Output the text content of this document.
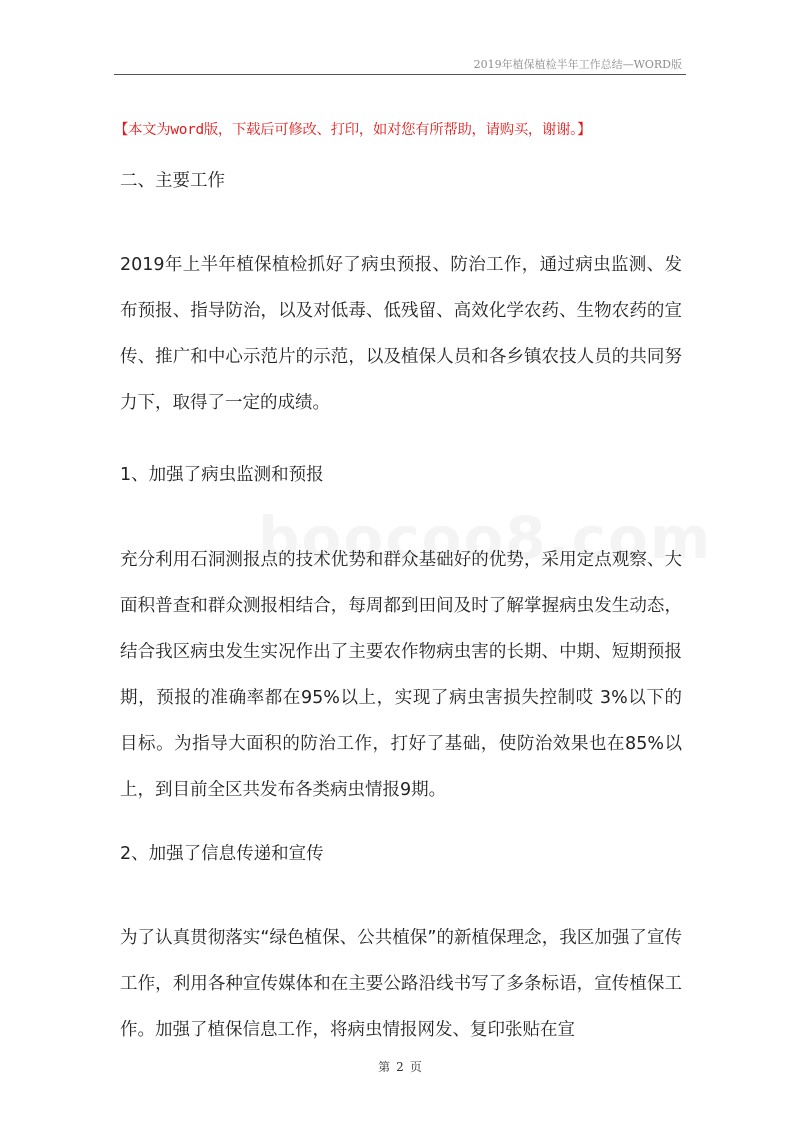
2019年植保植检半年工作总结—WORD版
【本文为word版，下载后可修改、打印，如对您有所帮助，请购买，谢谢。】

二、主要工作

2019年上半年植保植检抓好了病虫预报、防治工作，通过病虫监测、发布预报、指导防治，以及对低毒、低残留、高效化学农药、生物农药的宣传、推广和中心示范片的示范，以及植保人员和各乡镇农技人员的共同努力下，取得了一定的成绩。

1、加强了病虫监测和预报

充分利用石洞测报点的技术优势和群众基础好的优势，采用定点观察、大面积普查和群众测报相结合，每周都到田间及时了解掌握病虫发生动态，结合我区病虫发生实况作出了主要农作物病虫害的长期、中期、短期预报期，预报的准确率都在95%以上，实现了病虫害损失控制哎 3%以下的目标。为指导大面积的防治工作，打好了基础，使防治效果也在85%以上，到目前全区共发布各类病虫情报9期。

2、加强了信息传递和宣传

为了认真贯彻落实“绿色植保、公共植保”的新植保理念，我区加强了宣传工作，利用各种宣传媒体和在主要公路沿线书写了多条标语，宣传植保工作。加强了植保信息工作，将病虫情报网发、复印张贴在宣

第 2 页
